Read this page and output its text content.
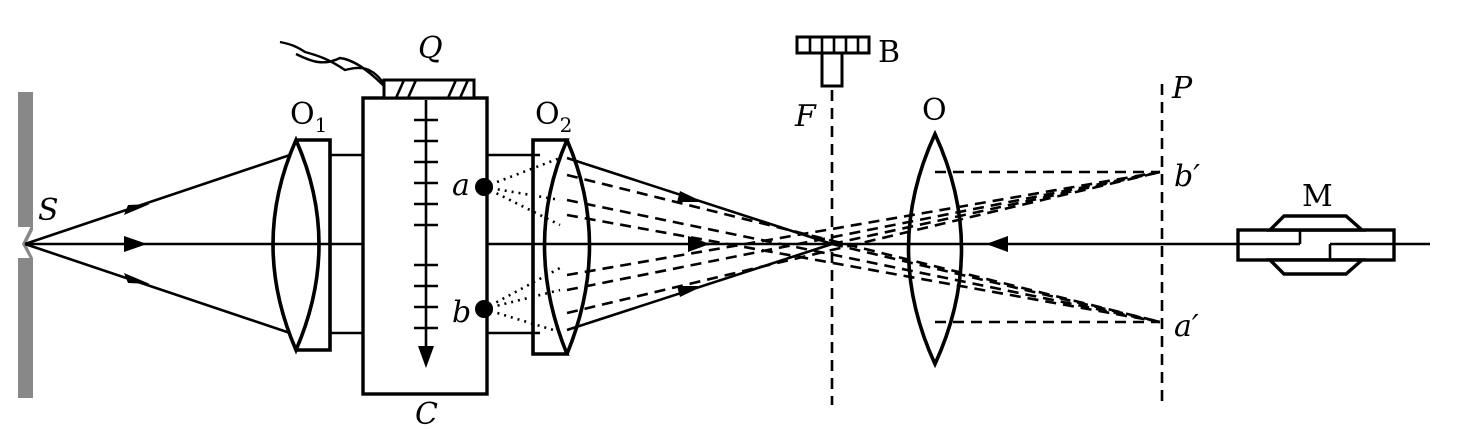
S
$O_1$
Q
C
a
b
$O_2$
B
F	O
P
b′
a′
M
